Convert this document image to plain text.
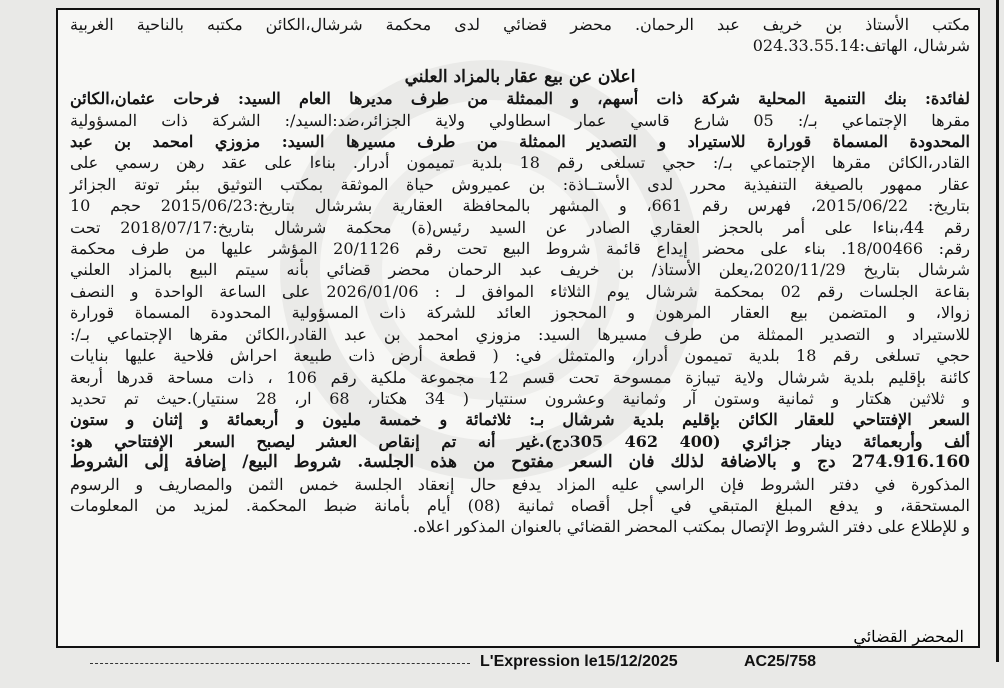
مكتب الأستاذ بن خريف عبد الرحمان. محضر قضائي لدى محكمة شرشال،الكائن مكتبه بالناحية الغربية
شرشال، الهاتف:024.33.55.14
اعلان عن بيع عقار بالمزاد العلني
لفائدة: بنك التنمية المحلية شركة ذات أسهم، و الممثلة من طرف مديرها العام السيد: فرحات عثمان،الكائن
مقرها الإجتماعي بـ/: 05 شارع قاسي عمار اسطاولي ولاية الجزائر،ضد:السيد/: الشركة ذات المسؤولية
المحدودة المسماة قورارة للاستيراد و التصدير الممثلة من طرف مسيرها السيد: مزوزي امحمد بن عبد
القادر،الكائن مقرها الإجتماعي بـ/: حجي تسلغى رقم 18 بلدية تميمون أدرار. بناءا على عقد رهن رسمي على
عقار ممهور بالصيغة التنفيذية محرر لدى الأستــاذة: بن عميروش حياة الموثقة بمكتب التوثيق ببئر توتة الجزائر
بتاريخ: 2015/06/22، فهرس رقم 661، و المشهر بالمحافظة العقارية بشرشال بتاريخ:2015/06/23 حجم 10
رقم 44،بناءا على أمر بالحجز العقاري الصادر عن السيد رئيس(ة) محكمة شرشال بتاريخ:2018/07/17 تحت
رقم: 18/00466. بناء على محضر إيداع قائمة شروط البيع تحت رقم 20/1126 المؤشر عليها من طرف محكمة
شرشال بتاريخ 2020/11/29،يعلن الأستاذ/ بن خريف عبد الرحمان محضر قضائي بأنه سيتم البيع بالمزاد العلني
بقاعة الجلسات رقم 02 بمحكمة شرشال يوم الثلاثاء الموافق لـ : 2026/01/06 على الساعة الواحدة و النصف
زوالا، و المتضمن بيع العقار المرهون و المحجوز العائد للشركة ذات المسؤولية المحدودة المسماة قورارة
للاستيراد و التصدير الممثلة من طرف مسيرها السيد: مزوزي امحمد بن عبد القادر،الكائن مقرها الإجتماعي بـ/:
حجي تسلغى رقم 18 بلدية تميمون أدرار، والمتمثل في: ( قطعة أرض ذات طبيعة احراش فلاحية عليها بنايات
كائنة بإقليم بلدية شرشال ولاية تيبازة ممسوحة تحت قسم 12 مجموعة ملكية رقم 106 ، ذات مساحة قدرها أربعة
و ثلاثين هكتار و ثمانية وستون آر وثمانية وعشرون سنتيار ( 34 هكتار، 68 ار، 28 سنتيار).حيث تم تحديد
السعر الإفتتاحي للعقار الكائن بإقليم بلدية شرشال بـ: ثلاثمائة و خمسة مليون و أربعمائة و إثنان و ستون
ألف وأربعمائة دينار جزائري (400 462 305دج).غير أنه تم إنقاص العشر ليصبح السعر الإفتتاحي هو:
274.916.160 دج و بالاضافة لذلك فان السعر مفتوح من هذه الجلسة. شروط البيع/ إضافة إلى الشروط
المذكورة في دفتر الشروط فإن الراسي عليه المزاد يدفع حال إنعقاد الجلسة خمس الثمن والمصاريف و الرسوم
المستحقة، و يدفع المبلغ المتبقي في أجل أقصاه ثمانية (08) أيام بأمانة ضبط المحكمة. لمزيد من المعلومات
و للإطلاع على دفتر الشروط الإتصال بمكتب المحضر القضائي بالعنوان المذكور اعلاه.
المحضر القضائي
L'Expression le15/12/2025	AC25/758
